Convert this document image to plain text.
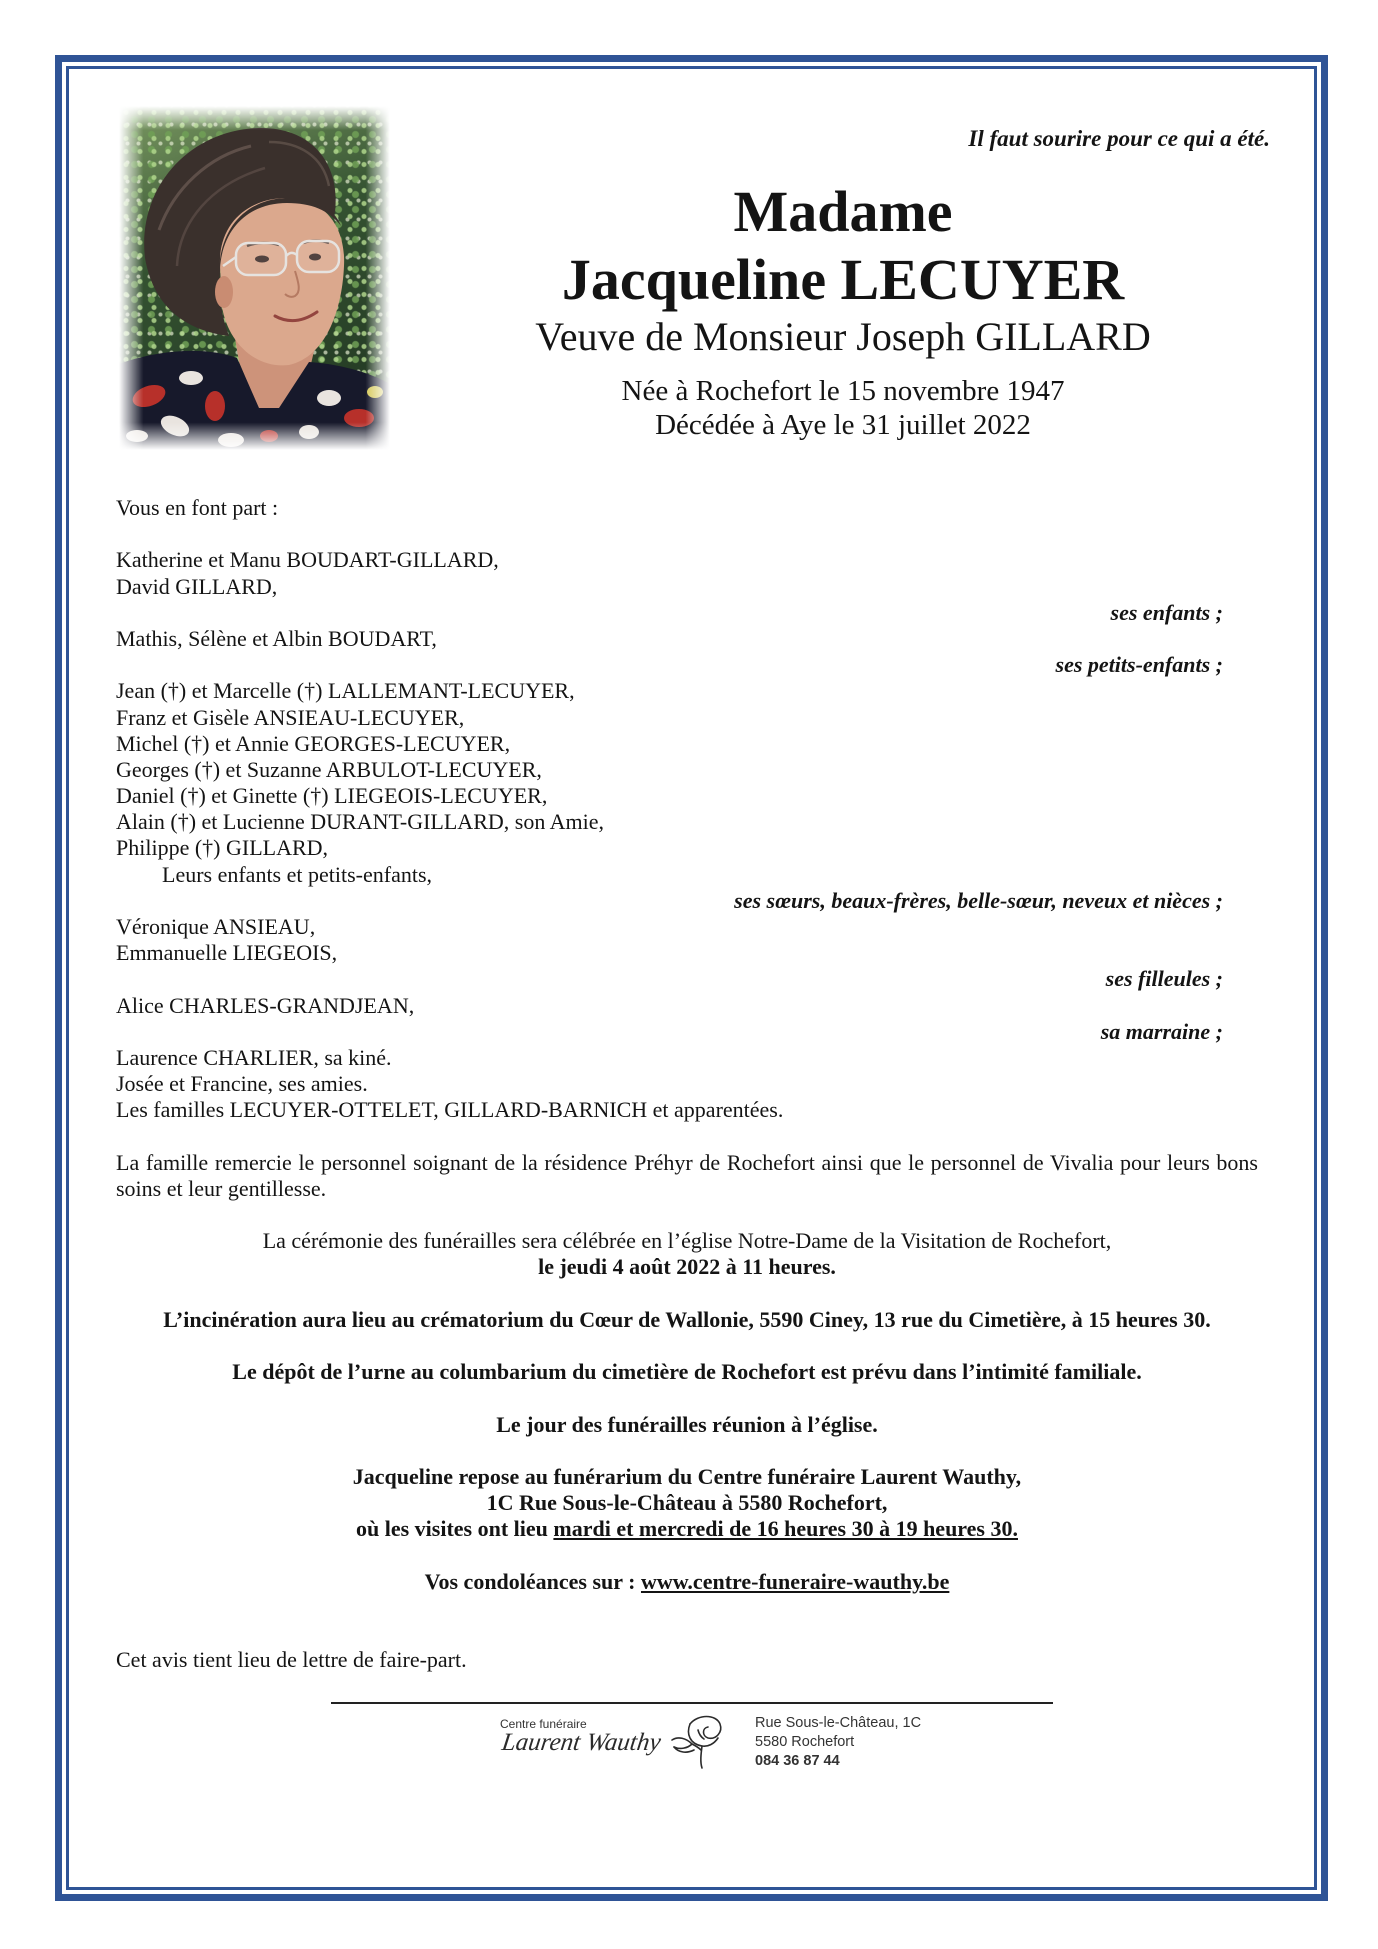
Il faut sourire pour ce qui a été.
Madame
Jacqueline LECUYER
Veuve de Monsieur Joseph GILLARD
Née à Rochefort le 15 novembre 1947
Décédée à Aye le 31 juillet 2022
Vous en font part :
Katherine et Manu BOUDART-GILLARD,
David GILLARD,
ses enfants ;
Mathis, Sélène et Albin BOUDART,
ses petits-enfants ;
Jean (†) et Marcelle (†) LALLEMANT-LECUYER,
Franz et Gisèle ANSIEAU-LECUYER,
Michel (†) et Annie GEORGES-LECUYER,
Georges (†) et Suzanne ARBULOT-LECUYER,
Daniel (†) et Ginette (†) LIEGEOIS-LECUYER,
Alain (†) et Lucienne DURANT-GILLARD, son Amie,
Philippe (†) GILLARD,
Leurs enfants et petits-enfants,
ses sœurs, beaux-frères, belle-sœur, neveux et nièces ;
Véronique ANSIEAU,
Emmanuelle LIEGEOIS,
ses filleules ;
Alice CHARLES-GRANDJEAN,
sa marraine ;
Laurence CHARLIER, sa kiné.
Josée et Francine, ses amies.
Les familles LECUYER-OTTELET, GILLARD-BARNICH et apparentées.
La famille remercie le personnel soignant de la résidence Préhyr de Rochefort ainsi que le personnel de Vivalia pour leurs bons
soins et leur gentillesse.
La cérémonie des funérailles sera célébrée en l’église Notre-Dame de la Visitation de Rochefort,
le jeudi 4 août 2022 à 11 heures.
L’incinération aura lieu au crématorium du Cœur de Wallonie, 5590 Ciney, 13 rue du Cimetière, à 15 heures 30.
Le dépôt de l’urne au columbarium du cimetière de Rochefort est prévu dans l’intimité familiale.
Le jour des funérailles réunion à l’église.
Jacqueline repose au funérarium du Centre funéraire Laurent Wauthy,
1C Rue Sous-le-Château à 5580 Rochefort,
où les visites ont lieu mardi et mercredi de 16 heures 30 à 19 heures 30.
Vos condoléances sur : www.centre-funeraire-wauthy.be
Cet avis tient lieu de lettre de faire-part.
Centre funéraire
Laurent Wauthy
Rue Sous-le-Château, 1C
5580 Rochefort
084 36 87 44
